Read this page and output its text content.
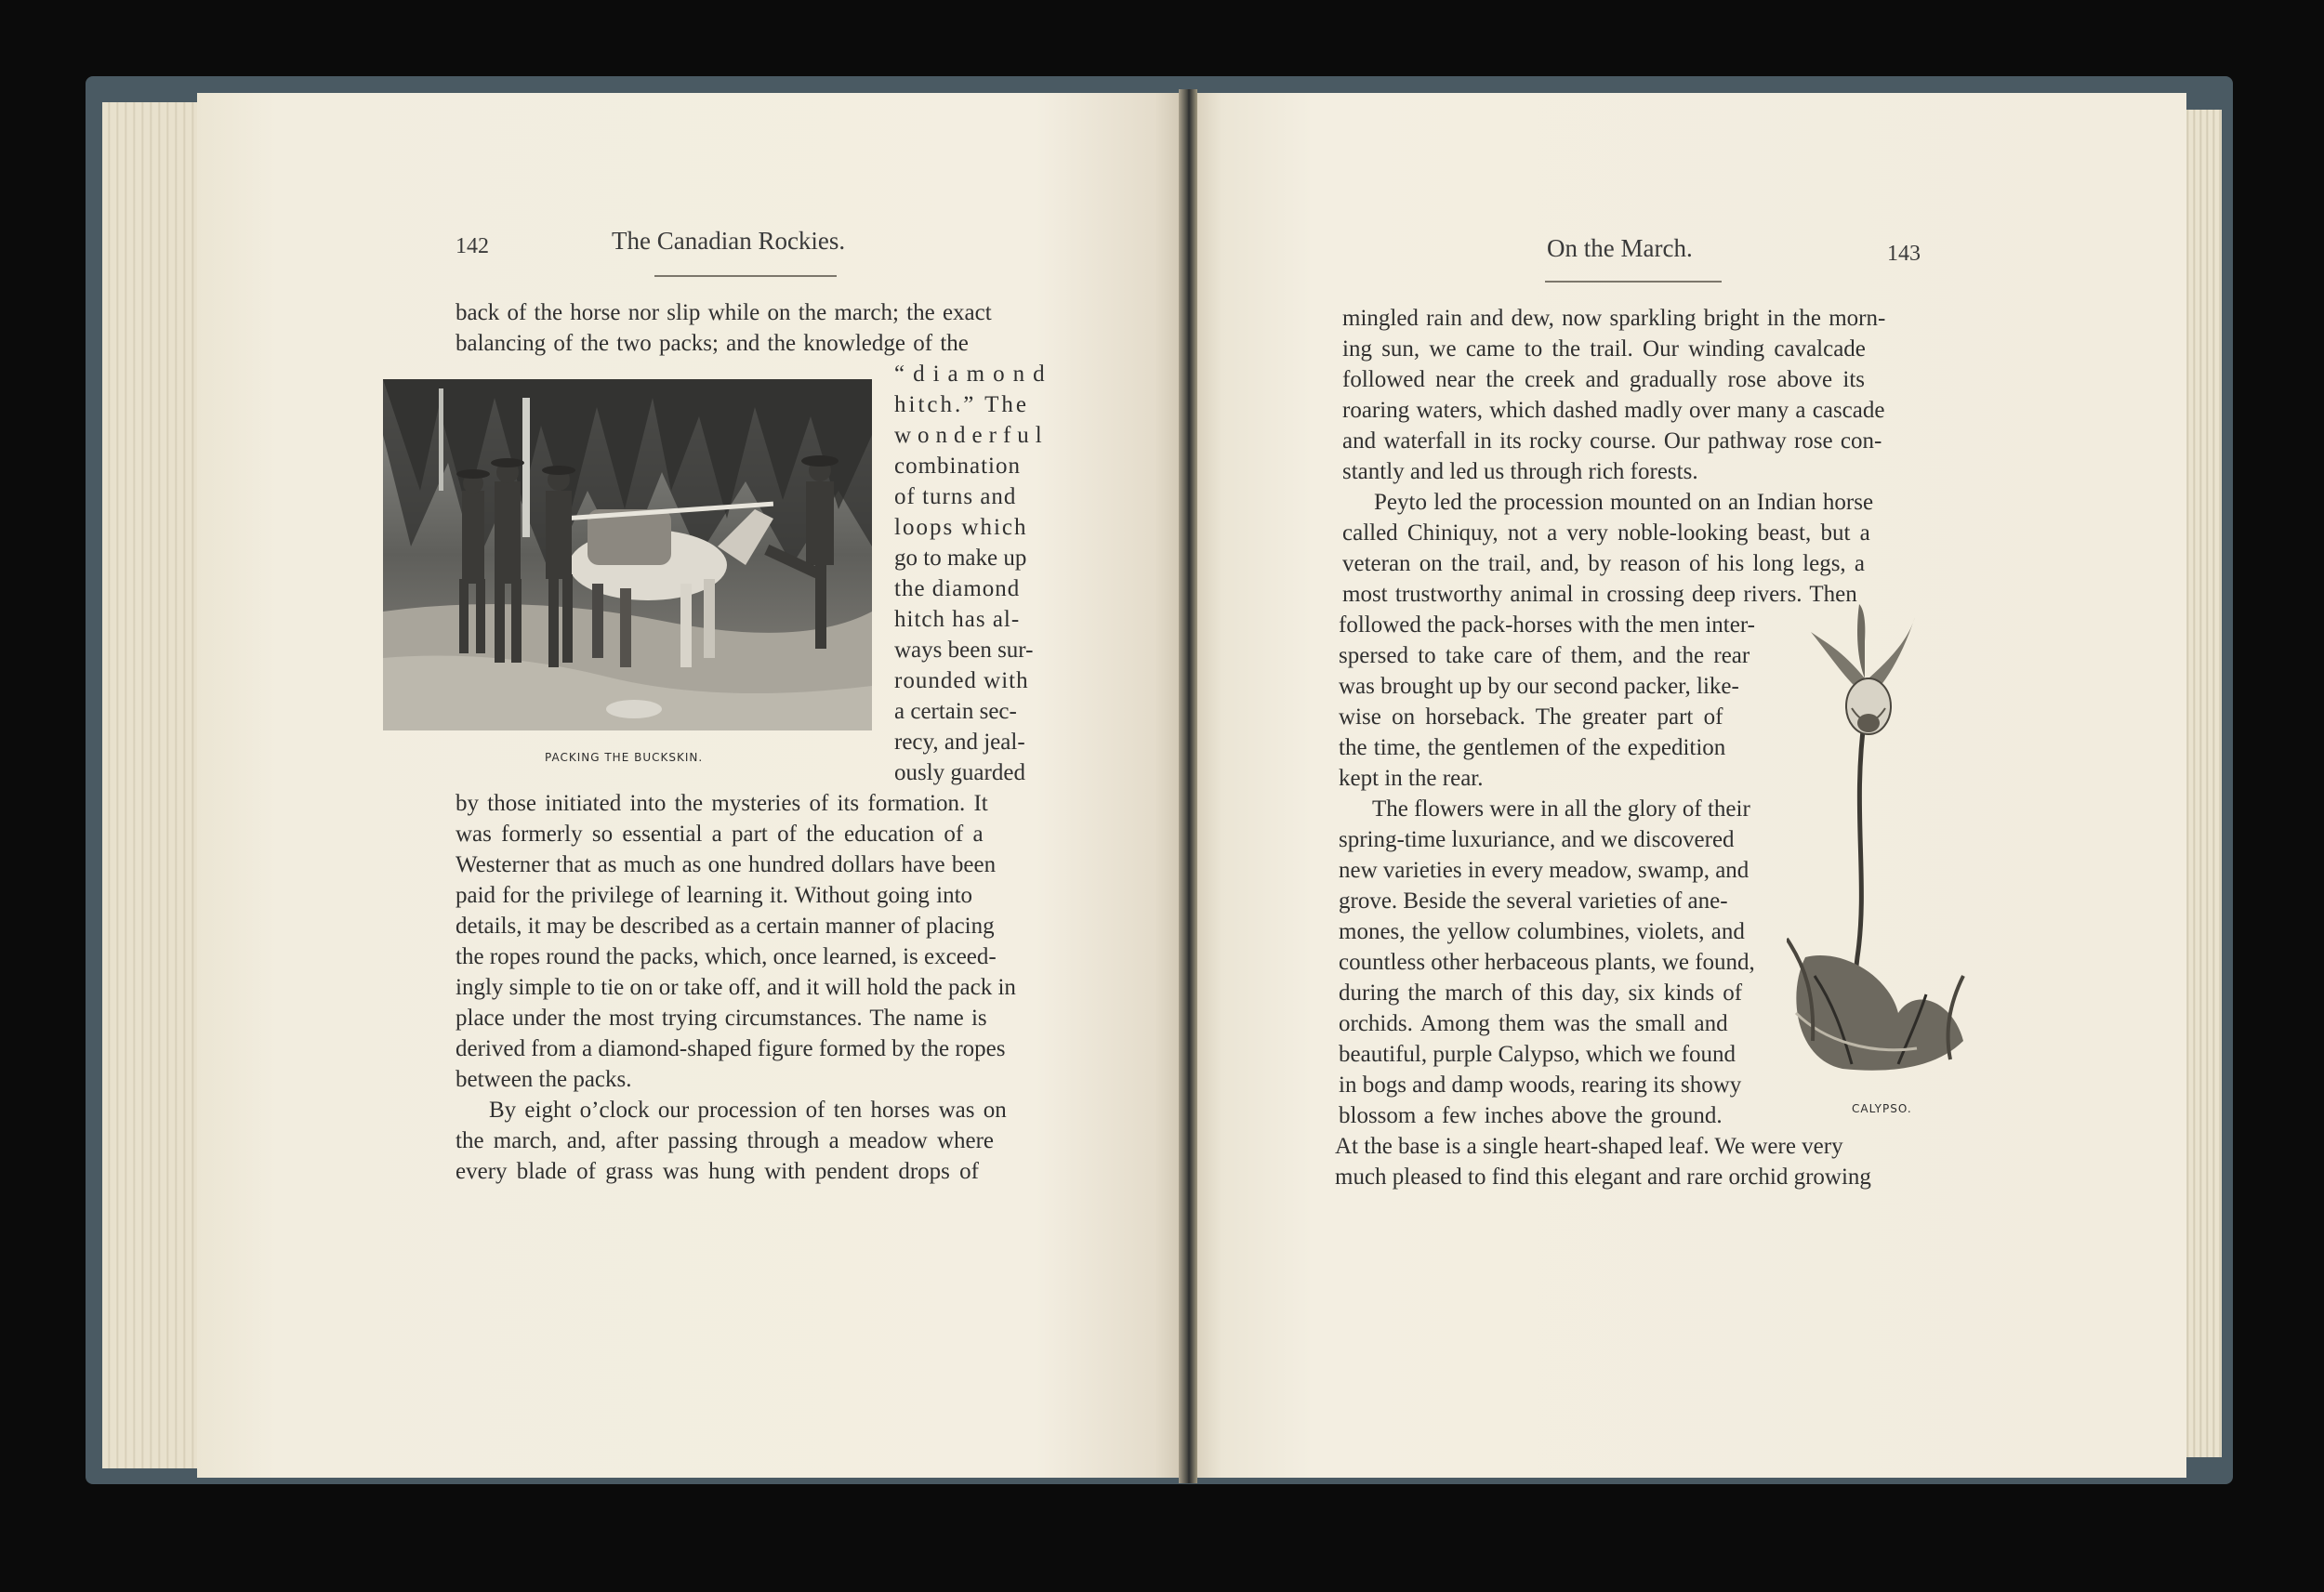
142	The Canadian Rockies.
PACKING THE BUCKSKIN.
back of the horse nor slip while on the march; the exact
balancing of the two packs; and the knowledge of the
“diamond
hitch.” The
wonderful
combination
of turns and
loops which
go to make up
the diamond
hitch has al-
ways been sur-
rounded with
a certain sec-
recy, and jeal-
ously guarded
by those initiated into the mysteries of its formation. It
was formerly so essential a part of the education of a
Westerner that as much as one hundred dollars have been
paid for the privilege of learning it. Without going into
details, it may be described as a certain manner of placing
the ropes round the packs, which, once learned, is exceed-
ingly simple to tie on or take off, and it will hold the pack in
place under the most trying circumstances. The name is
derived from a diamond-shaped figure formed by the ropes
between the packs.
By eight o’clock our procession of ten horses was on
the march, and, after passing through a meadow where
every blade of grass was hung with pendent drops of
On the March.	143
CALYPSO.
mingled rain and dew, now sparkling bright in the morn-
ing sun, we came to the trail. Our winding cavalcade
followed near the creek and gradually rose above its
roaring waters, which dashed madly over many a cascade
and waterfall in its rocky course. Our pathway rose con-
stantly and led us through rich forests.
Peyto led the procession mounted on an Indian horse
called Chiniquy, not a very noble-looking beast, but a
veteran on the trail, and, by reason of his long legs, a
most trustworthy animal in crossing deep rivers. Then
followed the pack-horses with the men inter-
spersed to take care of them, and the rear
was brought up by our second packer, like-
wise on horseback. The greater part of
the time, the gentlemen of the expedition
kept in the rear.
The flowers were in all the glory of their
spring-time luxuriance, and we discovered
new varieties in every meadow, swamp, and
grove. Beside the several varieties of ane-
mones, the yellow columbines, violets, and
countless other herbaceous plants, we found,
during the march of this day, six kinds of
orchids. Among them was the small and
beautiful, purple Calypso, which we found
in bogs and damp woods, rearing its showy
blossom a few inches above the ground.
At the base is a single heart-shaped leaf. We were very
much pleased to find this elegant and rare orchid growing
